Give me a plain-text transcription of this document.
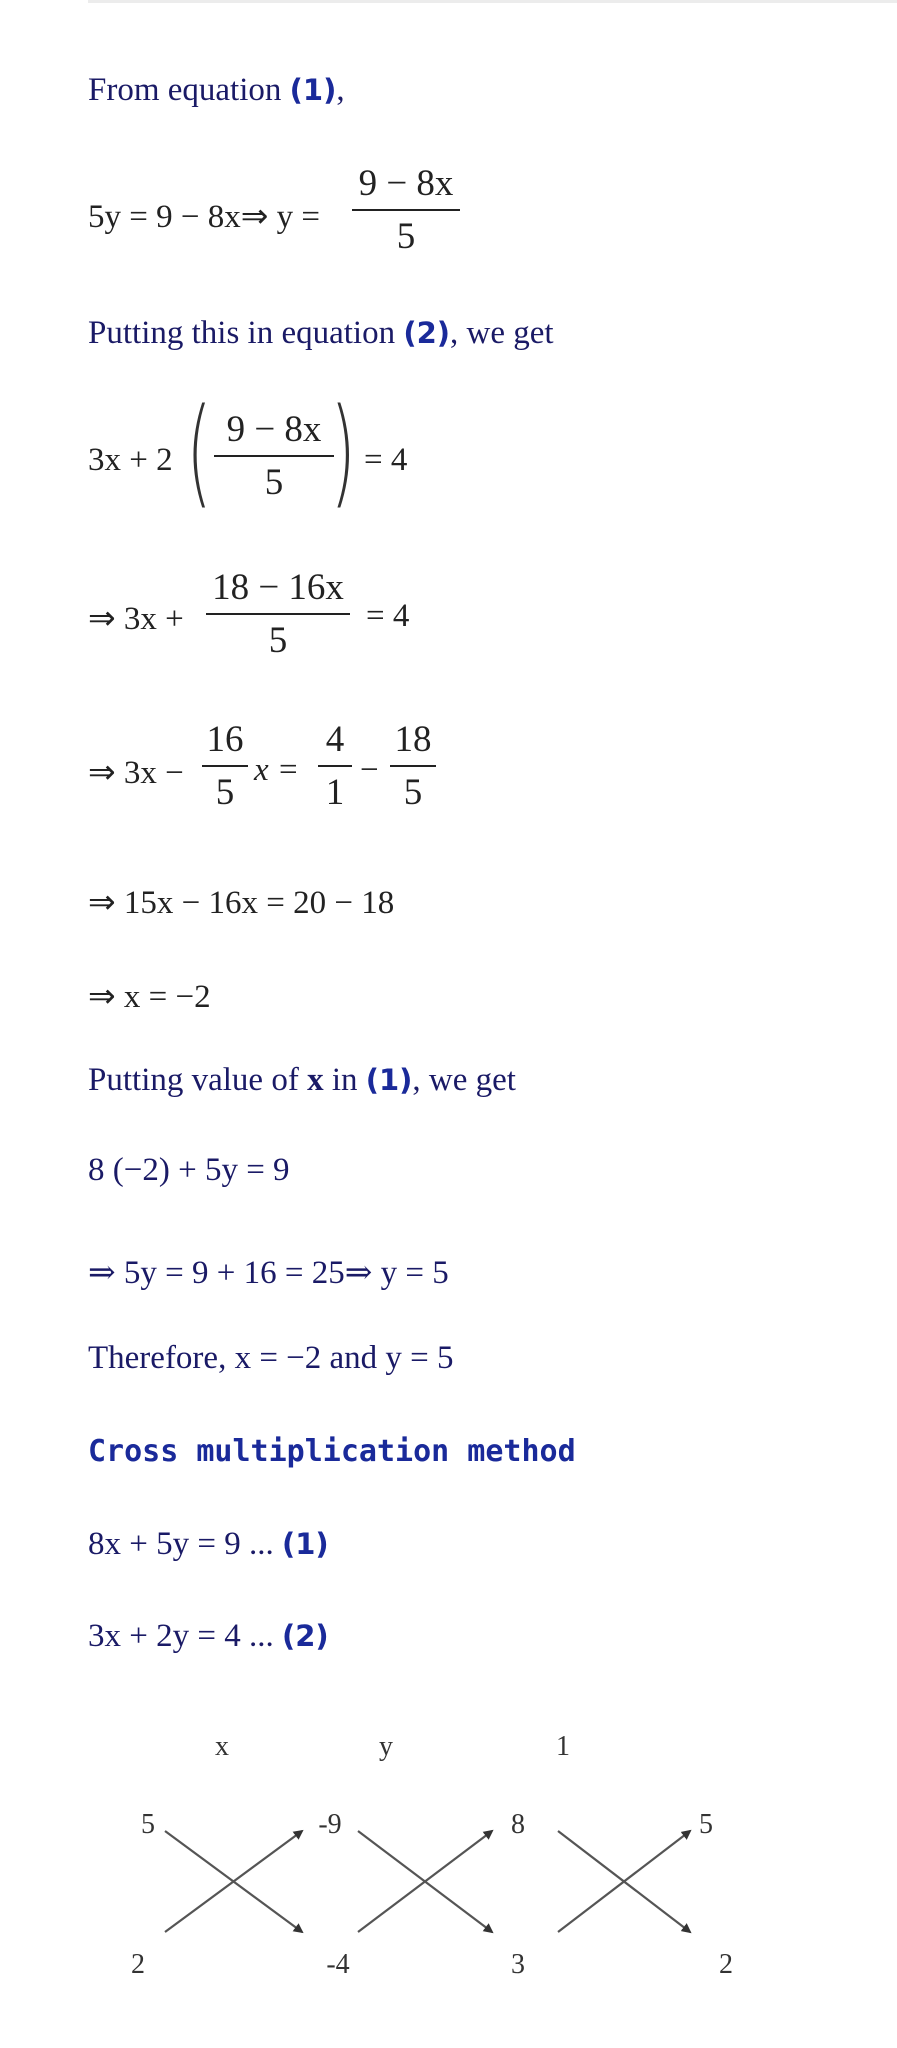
From equation (1),
5y = 9 − 8x⇒ y =
9 − 8x
5
Putting this in equation (2), we get
3x + 2 ( 9 − 8x
5 ) = 4
⇒ 3x +
18 − 16x
5
= 4
⇒ 3x −
16
5
x =
4
1
−
18
5
⇒ 15x − 16x = 20 − 18
⇒ x = −2
Putting value of x in (1), we get
8 (−2) + 5y = 9
⇒ 5y = 9 + 16 = 25⇒ y = 5
Therefore, x = −2 and y = 5
Cross multiplication method
8x + 5y = 9 ... (1)
3x + 2y = 4 ... (2)
x	y	1
5	-9	8	5
2	-4	3	2
